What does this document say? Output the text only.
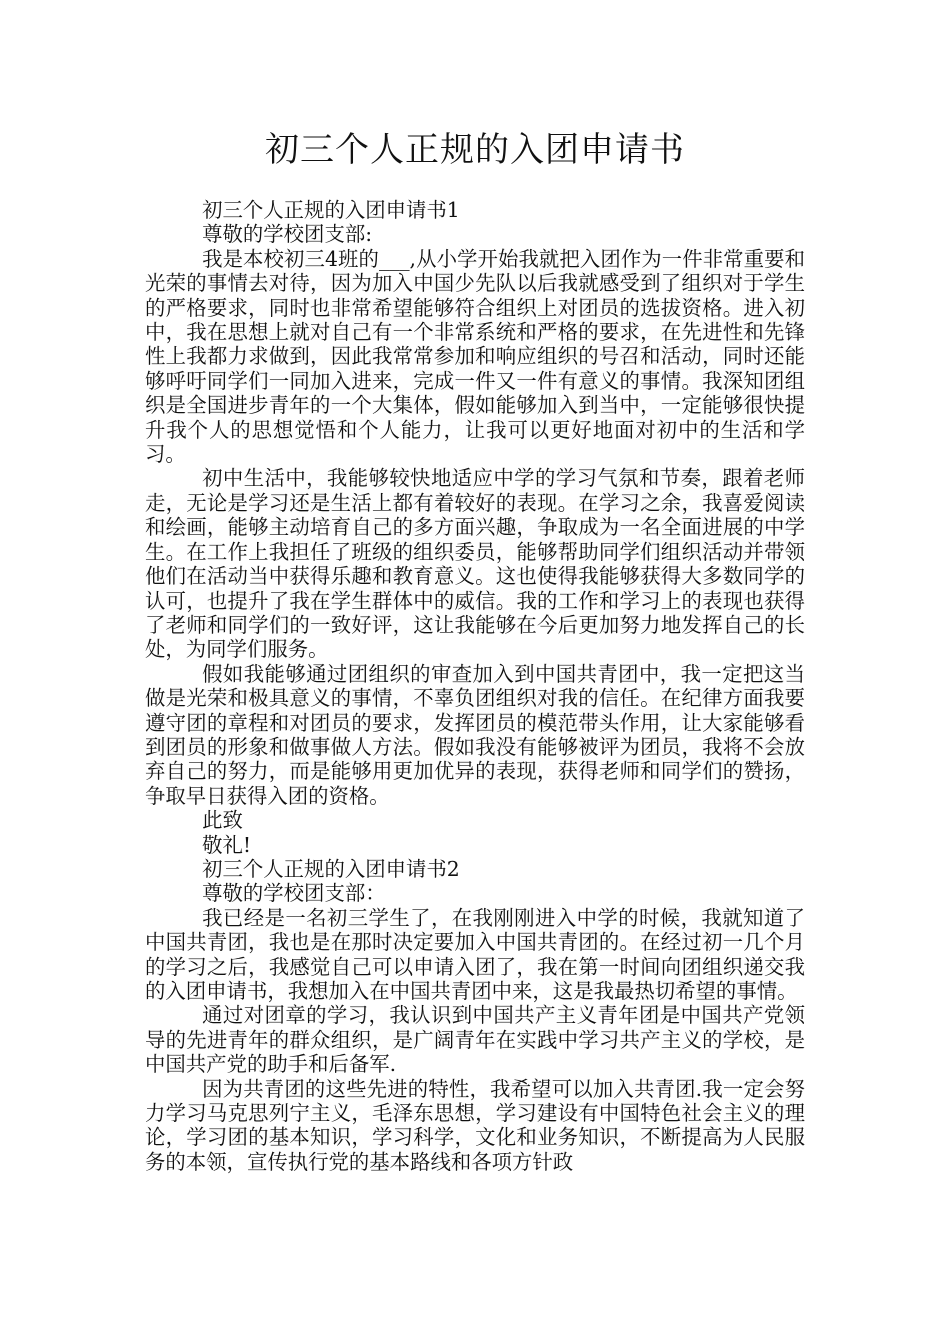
初三个人正规的入团申请书

初三个人正规的入团申请书1

尊敬的学校团支部:

我是本校初三4班的___,从小学开始我就把入团作为一件非常重要和光荣的事情去对待，因为加入中国少先队以后我就感受到了组织对于学生的严格要求，同时也非常希望能够符合组织上对团员的选拔资格。进入初中，我在思想上就对自己有一个非常系统和严格的要求，在先进性和先锋性上我都力求做到，因此我常常参加和响应组织的号召和活动，同时还能够呼吁同学们一同加入进来，完成一件又一件有意义的事情。我深知团组织是全国进步青年的一个大集体，假如能够加入到当中，一定能够很快提升我个人的思想觉悟和个人能力，让我可以更好地面对初中的生活和学习。

初中生活中，我能够较快地适应中学的学习气氛和节奏，跟着老师走，无论是学习还是生活上都有着较好的表现。在学习之余，我喜爱阅读和绘画，能够主动培育自己的多方面兴趣，争取成为一名全面进展的中学生。在工作上我担任了班级的组织委员，能够帮助同学们组织活动并带领他们在活动当中获得乐趣和教育意义。这也使得我能够获得大多数同学的认可，也提升了我在学生群体中的威信。我的工作和学习上的表现也获得了老师和同学们的一致好评，这让我能够在今后更加努力地发挥自己的长处，为同学们服务。

假如我能够通过团组织的审查加入到中国共青团中，我一定把这当做是光荣和极具意义的事情，不辜负团组织对我的信任。在纪律方面我要遵守团的章程和对团员的要求，发挥团员的模范带头作用，让大家能够看到团员的形象和做事做人方法。假如我没有能够被评为团员，我将不会放弃自己的努力，而是能够用更加优异的表现，获得老师和同学们的赞扬，争取早日获得入团的资格。

此致

敬礼!

初三个人正规的入团申请书2

尊敬的学校团支部：

我已经是一名初三学生了，在我刚刚进入中学的时候，我就知道了中国共青团，我也是在那时决定要加入中国共青团的。在经过初一几个月的学习之后，我感觉自己可以申请入团了，我在第一时间向团组织递交我的入团申请书，我想加入在中国共青团中来，这是我最热切希望的事情。

通过对团章的学习，我认识到中国共产主义青年团是中国共产党领导的先进青年的群众组织，是广阔青年在实践中学习共产主义的学校，是中国共产党的助手和后备军.

因为共青团的这些先进的特性，我希望可以加入共青团.我一定会努力学习马克思列宁主义，毛泽东思想，学习建设有中国特色社会主义的理论，学习团的基本知识，学习科学，文化和业务知识，不断提高为人民服务的本领，宣传执行党的基本路线和各项方针政
